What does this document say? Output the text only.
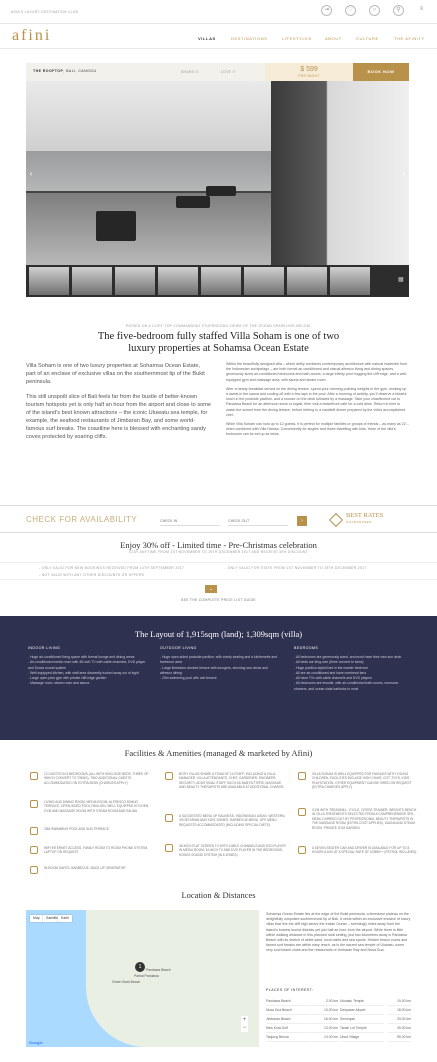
ASIA'S LUXURY DESTINATION CLUB	⇥	♡	○	⚲	≡
afini	VILLAS	DESTINATIONS	LIFESTYLES	ABOUT	CULTURE	THE AFINITY
THE ROOFTOP, BALI, CANGGU	SHARE IT	LOVE IT	$ 599
PER NIGHT
BOOK NOW
‹	›
▦
POISED ON A CLIFF-TOP COMMANDING STUPENDOUS VIEWS OF THE OCEAN SPARKLING BELOW,
The five-bedroom fully staffed Villa Soham is one of two luxury properties at Sohamsa Ocean Estate

Villa Soham is one of two luxury properties at Sohamsa Ocean Estate, part of an enclave of exclusive villas on the southernmost tip of the Bukit peninsula.

This still unspoilt slice of Bali feels far from the bustle of better-known tourism hotspots yet is only half an hour from the airport and close to some of the island's best known attractions – the iconic Uluwatu sea temple, for example, the seafood restaurants of Jimbaran Bay, and some world-famous surf breaks. The coastline here is blessed with enchanting sandy coves protected by soaring cliffs.

Within the beautifully designed villa – which deftly combines contemporary architecture with natural materials from the Indonesian archipelago – are both formal air-conditioned and casual alfresco living and dining spaces, generously sized air-conditioned bedrooms and bath-rooms, a large infinity pool hugging the cliff edge, and a well-equipped gym and massage area, with sauna and steam room.

After a hearty breakfast served on the dining terrace, spend your morning pushing weights in the gym, working up a sweat in the sauna and cooling off with a few laps in the pool. After a morning of activity, you'll deserve a blissful lunch in the poolside pavilion, and a snooze on the deck followed by a massage. Take your chauffeured car to Pandawa Beach for an afternoon swim or kayak, then visit a beachfront café for a cold drink. Return in time to watch the sunset from the dining terrace, before retiring to a candlelit dinner prepared by the villa's accomplished chef.

While Villa Soham can host up to 12 guests, it is perfect for multiple families or groups of friends – as many as 22 – when combined with Villa Hamsa. Conveniently for singles and those travelling with kids, three of the villa's bedrooms can be set up as twins.

CHECK FOR AVAILABILITY
CHECK IN
CHECK OUT	›
BEST RATES
GUARANTEED
Enjoy 30% off - Limited time - Pre-Christmas celebration
STAY ANYTIME FROM 1ST NOVEMBER TO 19TH DECEMBER 2017 AND RECEIVE 30% DISCOUNT
- ONLY VALID FOR NEW BOOKINGS RECEIVED FROM 14TH SEPTEMBER 2017
- NOT VALID WITH ANY OTHER DISCOUNTS OR OFFERS
- ONLY VALID FOR STAYS FROM 1ST NOVEMBER TO 19TH DECEMBER 2017
⌄
SEE THE COMPLETE PRICE LIST GUIDE
The Layout of 1,915sqm (land); 1,309sqm (villa)
INDOOR LIVING
- Huge air-conditioned living space with formal lounge and dining areas
- Air-conditioned media room with 48-inch TV with cable channels, DVD player and Sonos sound system
- Well-equipped kitchen, with staff area discreetly tucked away out of sight
- Large open-plan gym with private cliff-edge garden
- Massage room, steam room and sauna.
OUTDOOR LIVING
- Huge open-sided poolside pavilion, with comfy seating and a kitchenette and barbecue area
- Large limestone-decked terrace with loungers, stunning sea views and alfresco dining
- 23m swimming pool with wet terrace
BEDROOMS
- All bedrooms are generously sized, and most have their own sun deck
- All beds are king-size (three convert to twins)
- Huge pavilion-styled bed in the master bedroom
- All are air-conditioned and have overhead fans
- All have TVs with cable channels and DVD players
- All bedrooms are ensuite, with air-conditioned bath-rooms, monsoon showers, and ocean-vista bathtubs in most
Facilities & Amenities (managed & marketed by Afini)
12 GUESTS IN 5 BEDROOMS (ALL WITH KING-SIZE BEDS, THREE OF WHICH CONVERT TO TWINS). TWO ADDITIONAL GUESTS ACCOMMODATED ON EXTRA BEDS (CHARGES APPLY)
LIVING AND DINING ROOM, MEDIA ROOM, ALFRESCO DINING TERRACE, OPEN-SIDED POOL PAVILION, WELL EQUIPPED KITCHEN, GYM AND MASSAGE ROOM WITH STEAM ROOM AND SAUNA
23M SWIMMING POOL AND SUN TERRACE
WIFI INTERNET ACCESS, FAMILY ROOM TO ROOM PHONE SYSTEM, LAPTOP ON REQUEST
IN-ROOM SAFES, BARBECUE, BACK-UP GENERATOR
BOTH VILLAS SHARE A TEAM OF 14 STAFF, INCLUDING A VILLA MANAGER, VILLA ATTENDANTS, CHEF, GARDENER, ENGINEER, SECURITY. ADDITIONAL STAFF SUCH AS BABYSITTERS, MASSAGE AND BEAUTY THERAPISTS ARE AVAILABLE AT ADDITIONAL CHARGE.
A SUGGESTED MENU OF BALINESE, INDONESIAN, ASIAN, WESTERN, VEGETARIAN AND KIDS' DISHES. BARBECUE MENU. OFF-MENU REQUESTS ACCOMMODATED (INCLUDING SPECIAL DIETS)
48-INCH FLAT SCREEN TV WITH CABLE CHANNELS AND DVD PLAYER IN MEDIA ROOM, 42-INCH TV AND DVD PLAYER IN THE BEDROOMS, SONOS SOUND SYSTEM (IN 6 ZONES)
VILLA SOHAM IS WELL EQUIPPED FOR FAMILIES WITH YOUNG CHILDREN. FACILITIES INCLUDE HIGH CHAIR, COT, TOYS, KIDS' PLAYSTATION. OTHER EQUIPMENT CAN BE HIRED ON REQUEST (EXTRA CHARGES APPLY)
GYM WITH TREADMILL, CYCLE, CROSS TRAINER, WEIGHTS BENCH. IN VILLA TREATMENTS SELECTED FROM A COMPREHENSIVE SPA MENU CARRIED OUT BY PROFESSIONAL BEAUTY THERAPISTS IN THE MASSAGE ROOM (EXTRA COST APPLIES). SAUNA AND STEAM ROOM. PRIVATE GYM GARDEN.
A SEVEN-SEATER CAR AND DRIVER IS AVAILABLE FOR UP TO 8 HOURS A DAY AT A SPECIAL RATE OF US$95++ (PETROL INCLUDED).
Location & Distances
Map	Satellite Earth
Pandawa Beach
Green Bowl Beach
Pantai Pandawa
1
+
−
Google
Sohamsa Ocean Estate lies at the edge of the Bukit peninsula, a limestone plateau on the delightfully unspoiled southernmost tip of Bali. It nests within an exclusive enclave of luxury villas that line the cliff high above the Indian Ocean – seemingly miles away from the island's busiest tourist districts yet just half an hour from the airport. While there is little within walking distance in this planned rural setting, just two kilometres away is Pandawa Beach with its stretch of white sand, local cafés and sea sports. Hidden beach coves and famed surf breaks are within easy reach, as is the sacred sea temple of Uluwatu, some very cool beach clubs and the restaurants of Jimbaran Bay and Nusa Dua.
PLACES OF INTEREST:
Pandawa Beach	2.00 km Uluwatu Temple	19.00 km
Nusa Dua Beach	10.00 km Denpasar Airport	18.00 km
Jimbaran Beach	16.00 km Seminyak	33.00 km
New Kuta Golf	13.00 km Tanah Lot Temple	49.00 km
Tanjung Benoa	13.00 km Ubud Village	59.00 km
